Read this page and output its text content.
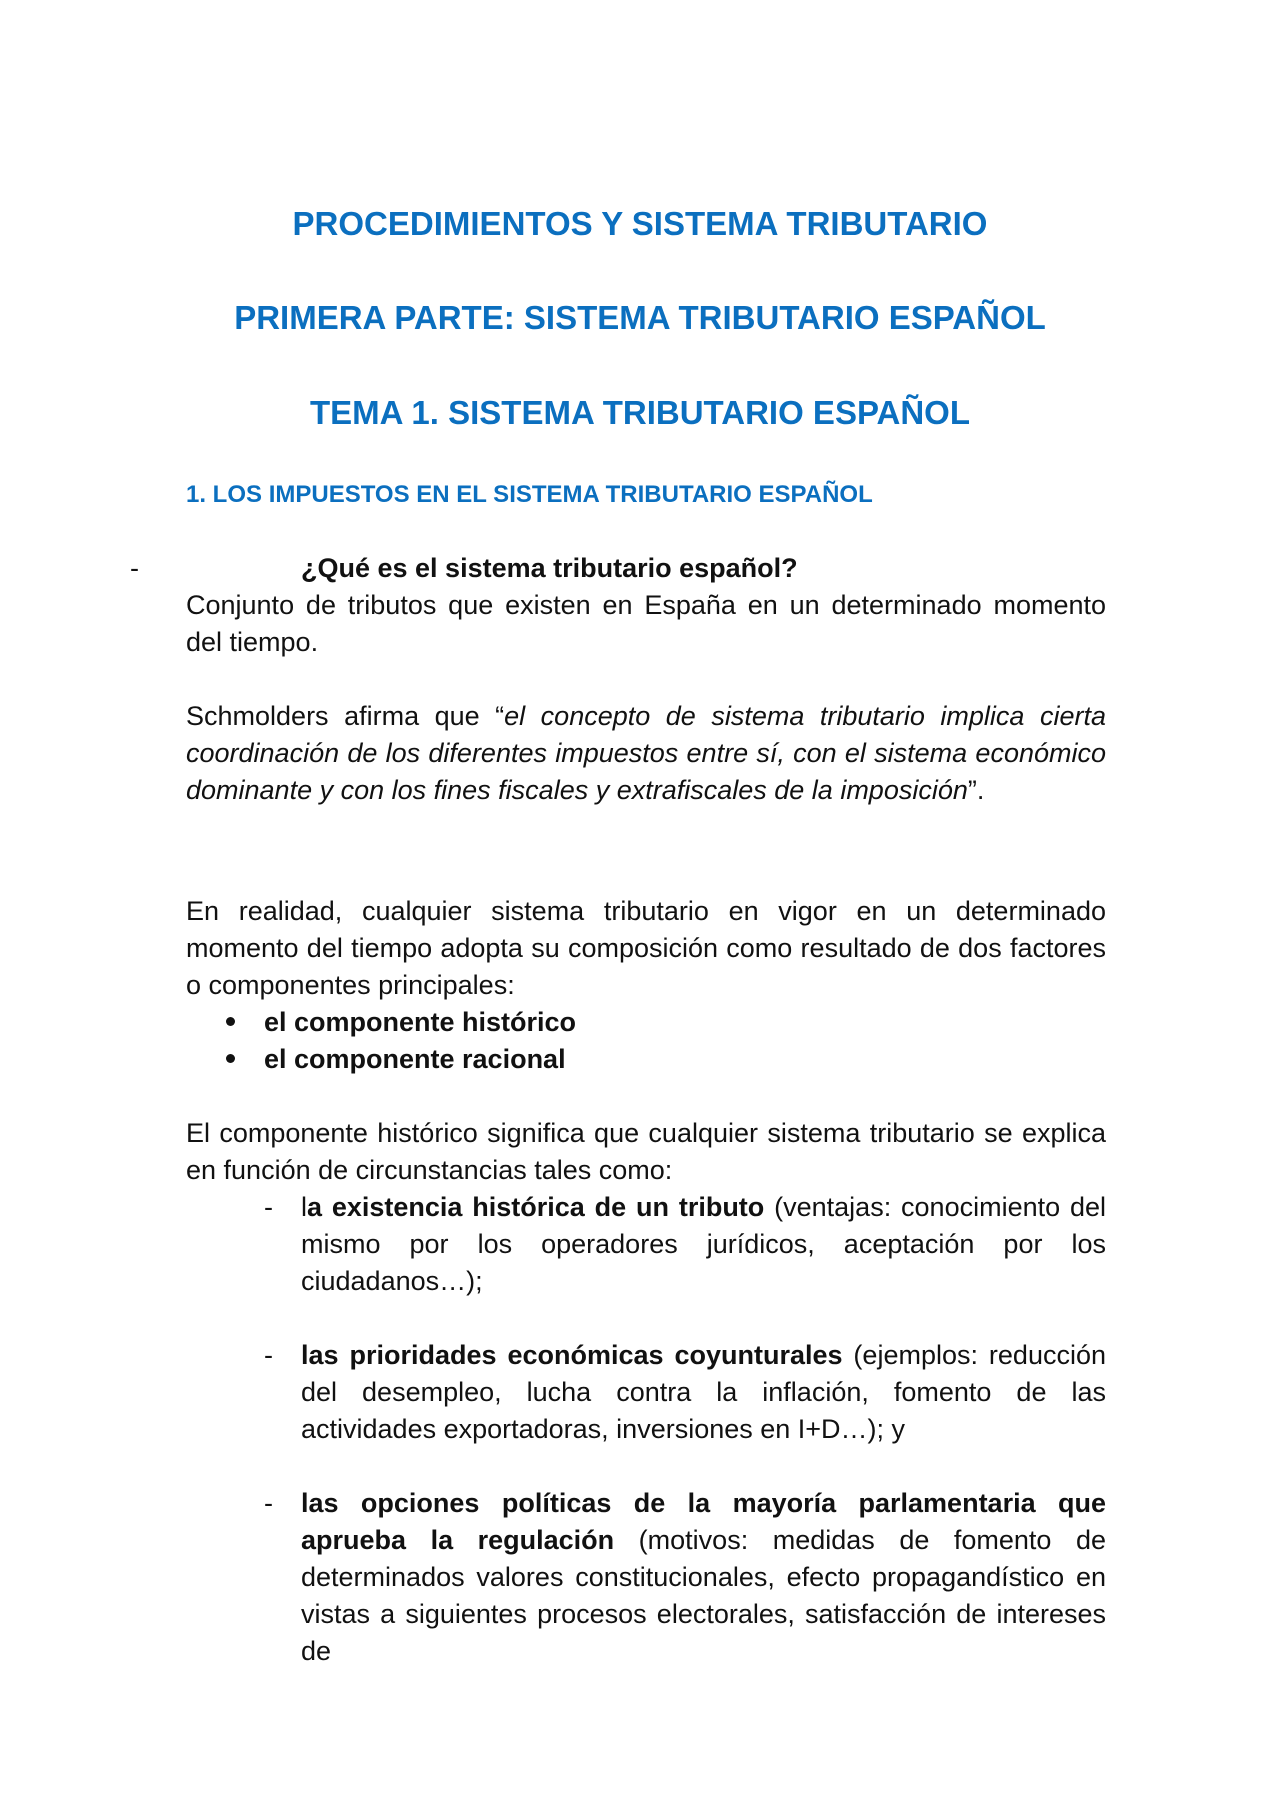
PROCEDIMIENTOS Y SISTEMA TRIBUTARIO
PRIMERA PARTE: SISTEMA TRIBUTARIO ESPAÑOL
TEMA 1. SISTEMA TRIBUTARIO ESPAÑOL
1. LOS IMPUESTOS EN EL SISTEMA TRIBUTARIO ESPAÑOL
-	¿Qué es el sistema tributario español?

Conjunto de tributos que existen en España en un determinado momento del tiempo.

Schmolders afirma que “el concepto de sistema tributario implica cierta coordinación de los diferentes impuestos entre sí, con el sistema económico dominante y con los fines fiscales y extrafiscales de la imposición”.

En realidad, cualquier sistema tributario en vigor en un determinado momento del tiempo adopta su composición como resultado de dos factores o componentes principales:

el componente histórico
el componente racional

El componente histórico significa que cualquier sistema tributario se explica en función de circunstancias tales como:

- la existencia histórica de un tributo (ventajas: conocimiento del mismo por los operadores jurídicos, aceptación por los ciudadanos…);
- las prioridades económicas coyunturales (ejemplos: reducción del desempleo, lucha contra la inflación, fomento de las actividades exportadoras, inversiones en I+D…); y
- las opciones políticas de la mayoría parlamentaria que aprueba la regulación (motivos: medidas de fomento de determinados valores constitucionales, efecto propagandístico en vistas a siguientes procesos electorales, satisfacción de intereses de
